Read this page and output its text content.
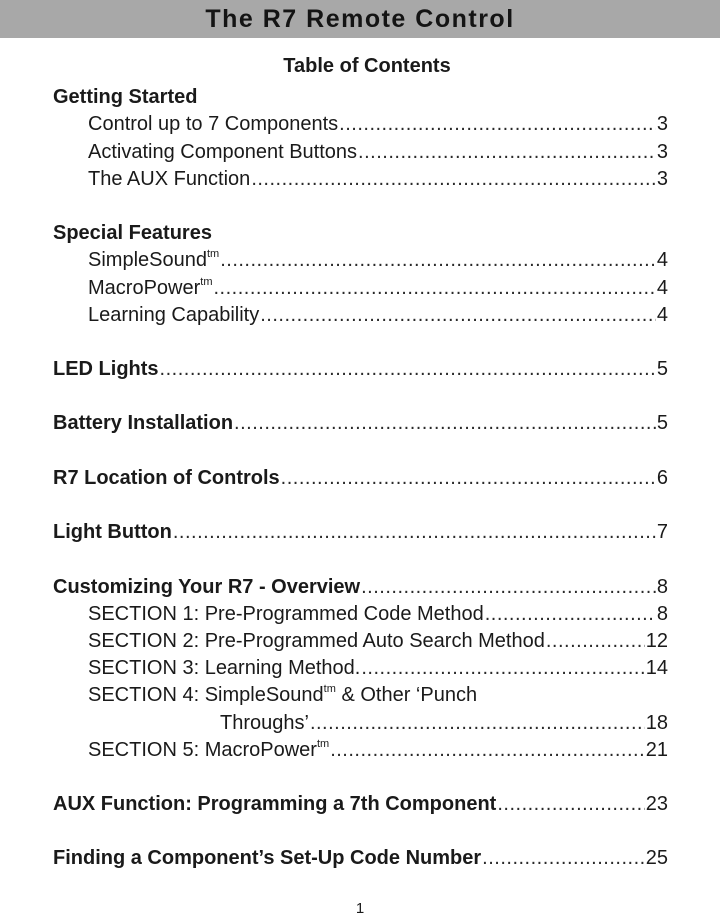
The R7 Remote Control
Table of Contents
Getting Started
Control up to 7 Components .....	3
Activating Component Buttons .....	3
The AUX Function .....	3
Special Features
SimpleSound$^{tm}$ .....	4
MacroPower$^{tm}$ .....	4
Learning Capability .....	4
LED Lights .....	5
Battery Installation .....	5
R7 Location of Controls .....	6
Light Button .....	7
Customizing Your R7 - Overview .....	8
SECTION 1: Pre-Programmed Code Method .....	8
SECTION 2: Pre-Programmed Auto Search Method .....	12
SECTION 3: Learning Method. .....	14
SECTION 4: SimpleSound$^{tm}$ & Other ‘Punch
Throughs’ .....	18
SECTION 5: MacroPower$^{tm}$ .....	21
AUX Function: Programming a 7th Component .....	23
Finding a Component’s Set-Up Code Number .....	25
1
